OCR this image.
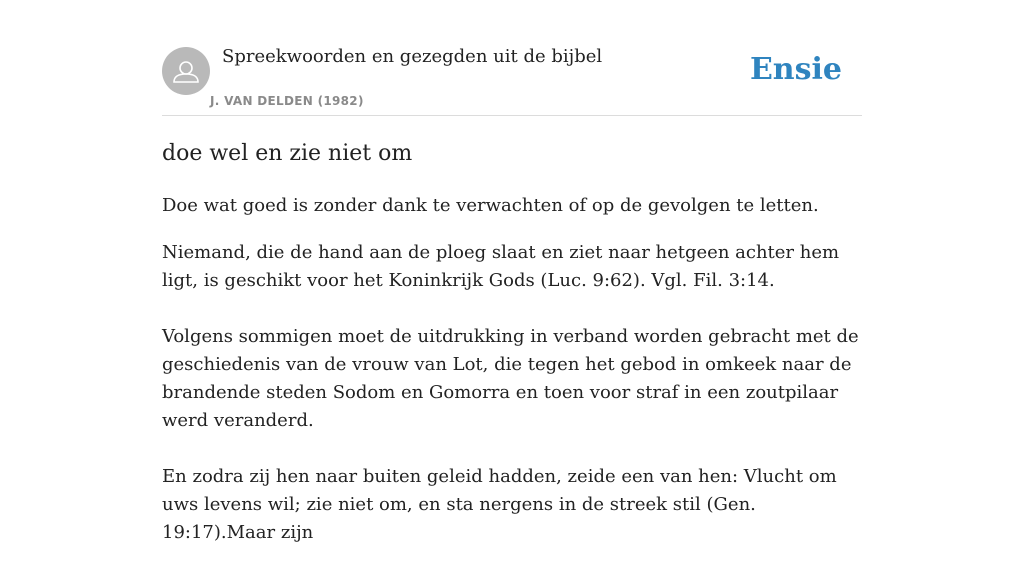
Spreekwoorden en gezegden uit de bijbel
J. VAN DELDEN (1982)
Ensie
doe wel en zie niet om
Doe wat goed is zonder dank te verwachten of op de gevolgen te letten.

Niemand, die de hand aan de ploeg slaat en ziet naar hetgeen achter hem ligt, is geschikt voor het Koninkrijk Gods (Luc. 9:62). Vgl. Fil. 3:14.

Volgens sommigen moet de uitdrukking in verband worden gebracht met de geschiedenis van de vrouw van Lot, die tegen het gebod in omkeek naar de brandende steden Sodom en Gomorra en toen voor straf in een zoutpilaar werd veranderd.

En zodra zij hen naar buiten geleid hadden, zeide een van hen: Vlucht om uws levens wil; zie niet om, en sta nergens in de streek stil (Gen. 19:17).Maar zijn
